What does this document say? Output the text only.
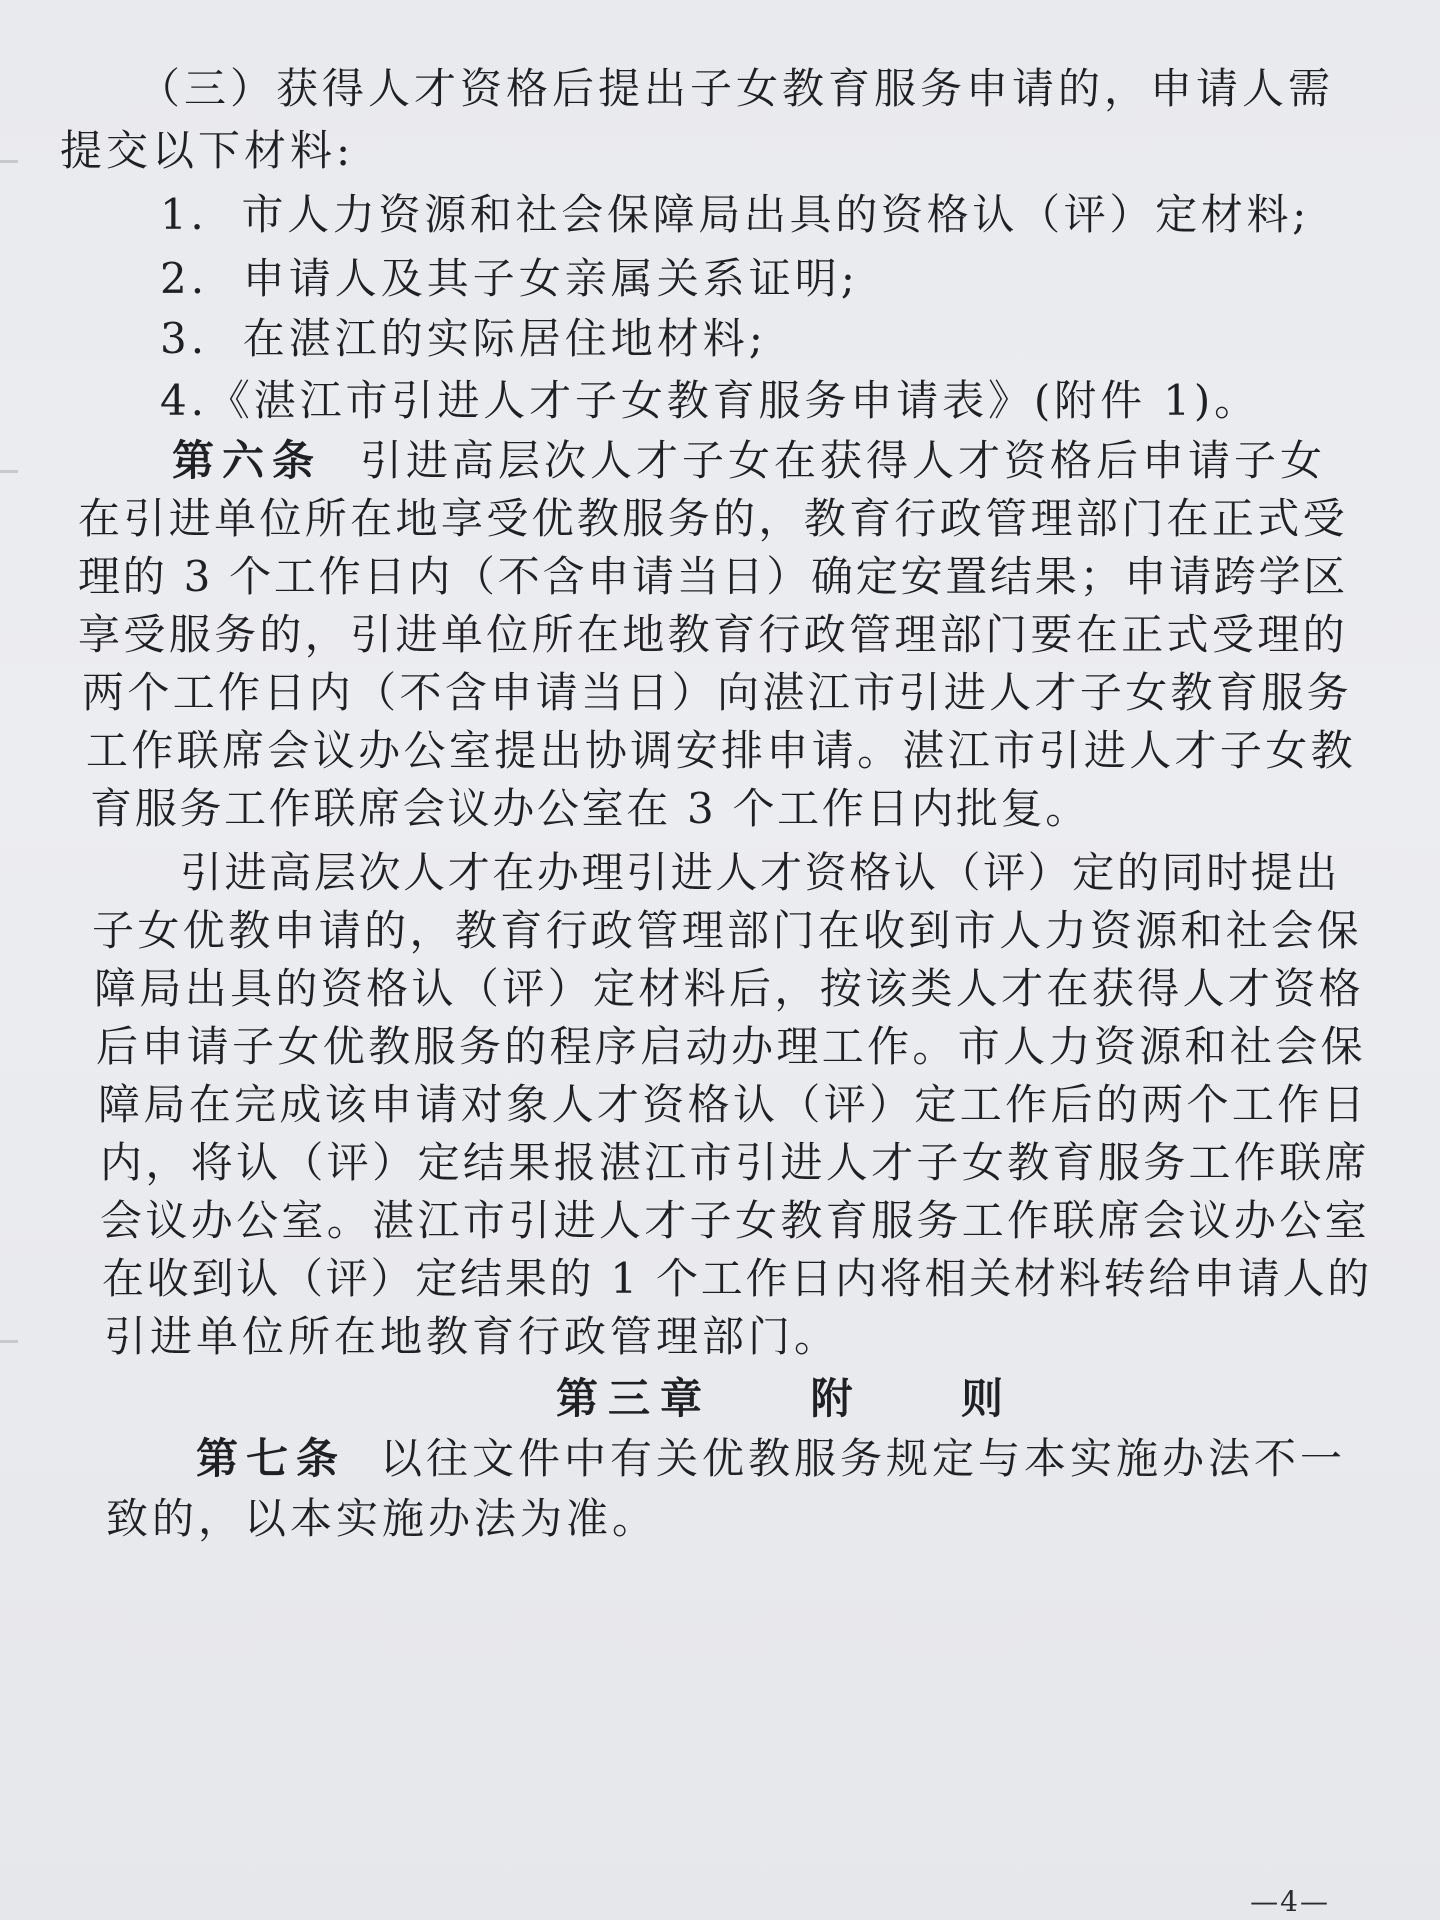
（三）获得人才资格后提出子女教育服务申请的，申请人需
提交以下材料:
1.  市人力资源和社会保障局出具的资格认（评）定材料;
2.  申请人及其子女亲属关系证明;
3.  在湛江的实际居住地材料;
4.《湛江市引进人才子女教育服务申请表》(附件 1)。
第六条 引进高层次人才子女在获得人才资格后申请子女
在引进单位所在地享受优教服务的，教育行政管理部门在正式受
理的 3 个工作日内（不含申请当日）确定安置结果；申请跨学区
享受服务的，引进单位所在地教育行政管理部门要在正式受理的
两个工作日内（不含申请当日）向湛江市引进人才子女教育服务
工作联席会议办公室提出协调安排申请。湛江市引进人才子女教
育服务工作联席会议办公室在 3 个工作日内批复。
引进高层次人才在办理引进人才资格认（评）定的同时提出
子女优教申请的，教育行政管理部门在收到市人力资源和社会保
障局出具的资格认（评）定材料后，按该类人才在获得人才资格
后申请子女优教服务的程序启动办理工作。市人力资源和社会保
障局在完成该申请对象人才资格认（评）定工作后的两个工作日
内，将认（评）定结果报湛江市引进人才子女教育服务工作联席
会议办公室。湛江市引进人才子女教育服务工作联席会议办公室
在收到认（评）定结果的 1 个工作日内将相关材料转给申请人的
引进单位所在地教育行政管理部门。
第三章    附    则
第七条 以往文件中有关优教服务规定与本实施办法不一
致的，以本实施办法为准。
—4—
